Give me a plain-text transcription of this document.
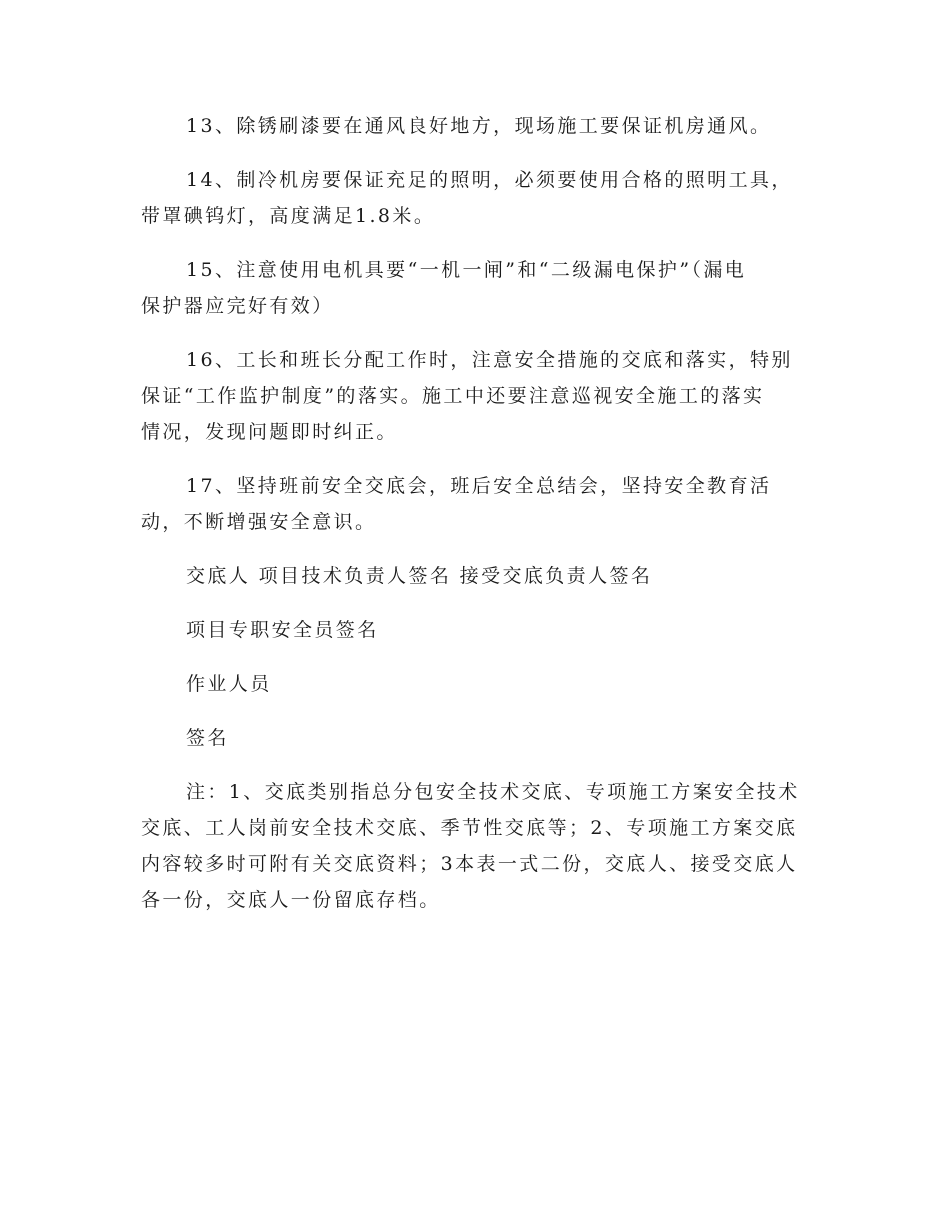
13、除锈刷漆要在通风良好地方，现场施工要保证机房通风。

14、制冷机房要保证充足的照明，必须要使用合格的照明工具，
带罩碘钨灯，高度满足1.8米。

15、注意使用电机具要“一机一闸”和“二级漏电保护”（漏电
保护器应完好有效）

16、工长和班长分配工作时，注意安全措施的交底和落实，特别
保证“工作监护制度”的落实。施工中还要注意巡视安全施工的落实
情况，发现问题即时纠正。

17、坚持班前安全交底会，班后安全总结会，坚持安全教育活
动，不断增强安全意识。

交底人 项目技术负责人签名 接受交底负责人签名

项目专职安全员签名

作业人员

签名

注：1、交底类别指总分包安全技术交底、专项施工方案安全技术
交底、工人岗前安全技术交底、季节性交底等；2、专项施工方案交底
内容较多时可附有关交底资料；3本表一式二份，交底人、接受交底人
各一份，交底人一份留底存档。
